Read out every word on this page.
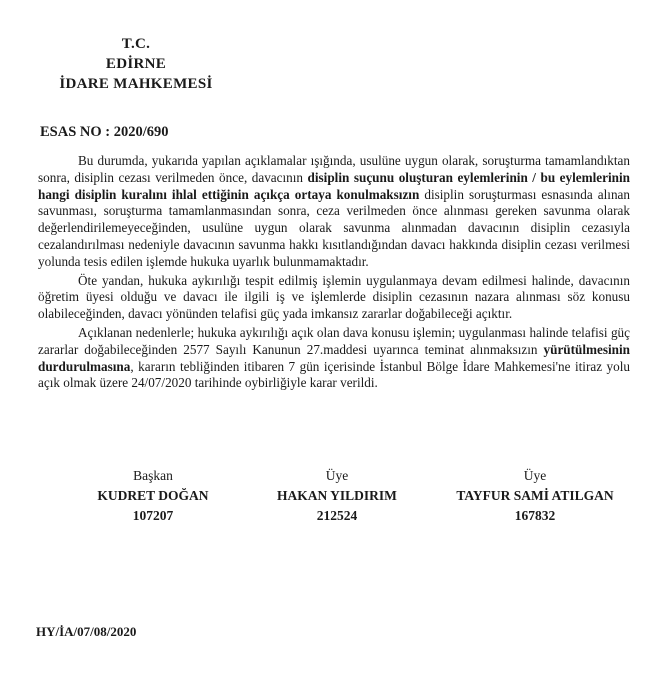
T.C.
EDİRNE
İDARE MAHKEMESİ
ESAS NO : 2020/690

Bu durumda, yukarıda yapılan açıklamalar ışığında, usulüne uygun olarak, soruşturma tamamlandıktan sonra, disiplin cezası verilmeden önce, davacının disiplin suçunu oluşturan eylemlerinin / bu eylemlerinin hangi disiplin kuralını ihlal ettiğinin açıkça ortaya konulmaksızın disiplin soruşturması esnasında alınan savunması, soruşturma tamamlanmasından sonra, ceza verilmeden önce alınması gereken savunma olarak değerlendirilemeyeceğinden, usulüne uygun olarak savunma alınmadan davacının disiplin cezasıyla cezalandırılması nedeniyle davacının savunma hakkı kısıtlandığından davacı hakkında disiplin cezası verilmesi yolunda tesis edilen işlemde hukuka uyarlık bulunmamaktadır.

Öte yandan, hukuka aykırılığı tespit edilmiş işlemin uygulanmaya devam edilmesi halinde, davacının öğretim üyesi olduğu ve davacı ile ilgili iş ve işlemlerde disiplin cezasının nazara alınması söz konusu olabileceğinden, davacı yönünden telafisi güç yada imkansız zararlar doğabileceği açıktır.

Açıklanan nedenlerle; hukuka aykırılığı açık olan dava konusu işlemin; uygulanması halinde telafisi güç zararlar doğabileceğinden 2577 Sayılı Kanunun 27.maddesi uyarınca teminat alınmaksızın yürütülmesinin durdurulmasına, kararın tebliğinden itibaren 7 gün içerisinde İstanbul Bölge İdare Mahkemesi'ne itiraz yolu açık olmak üzere 24/07/2020 tarihinde oybirliğiyle karar verildi.

Başkan
KUDRET DOĞAN
107207
Üye
HAKAN YILDIRIM
212524
Üye
TAYFUR SAMİ ATILGAN
167832
HY/İA/07/08/2020
